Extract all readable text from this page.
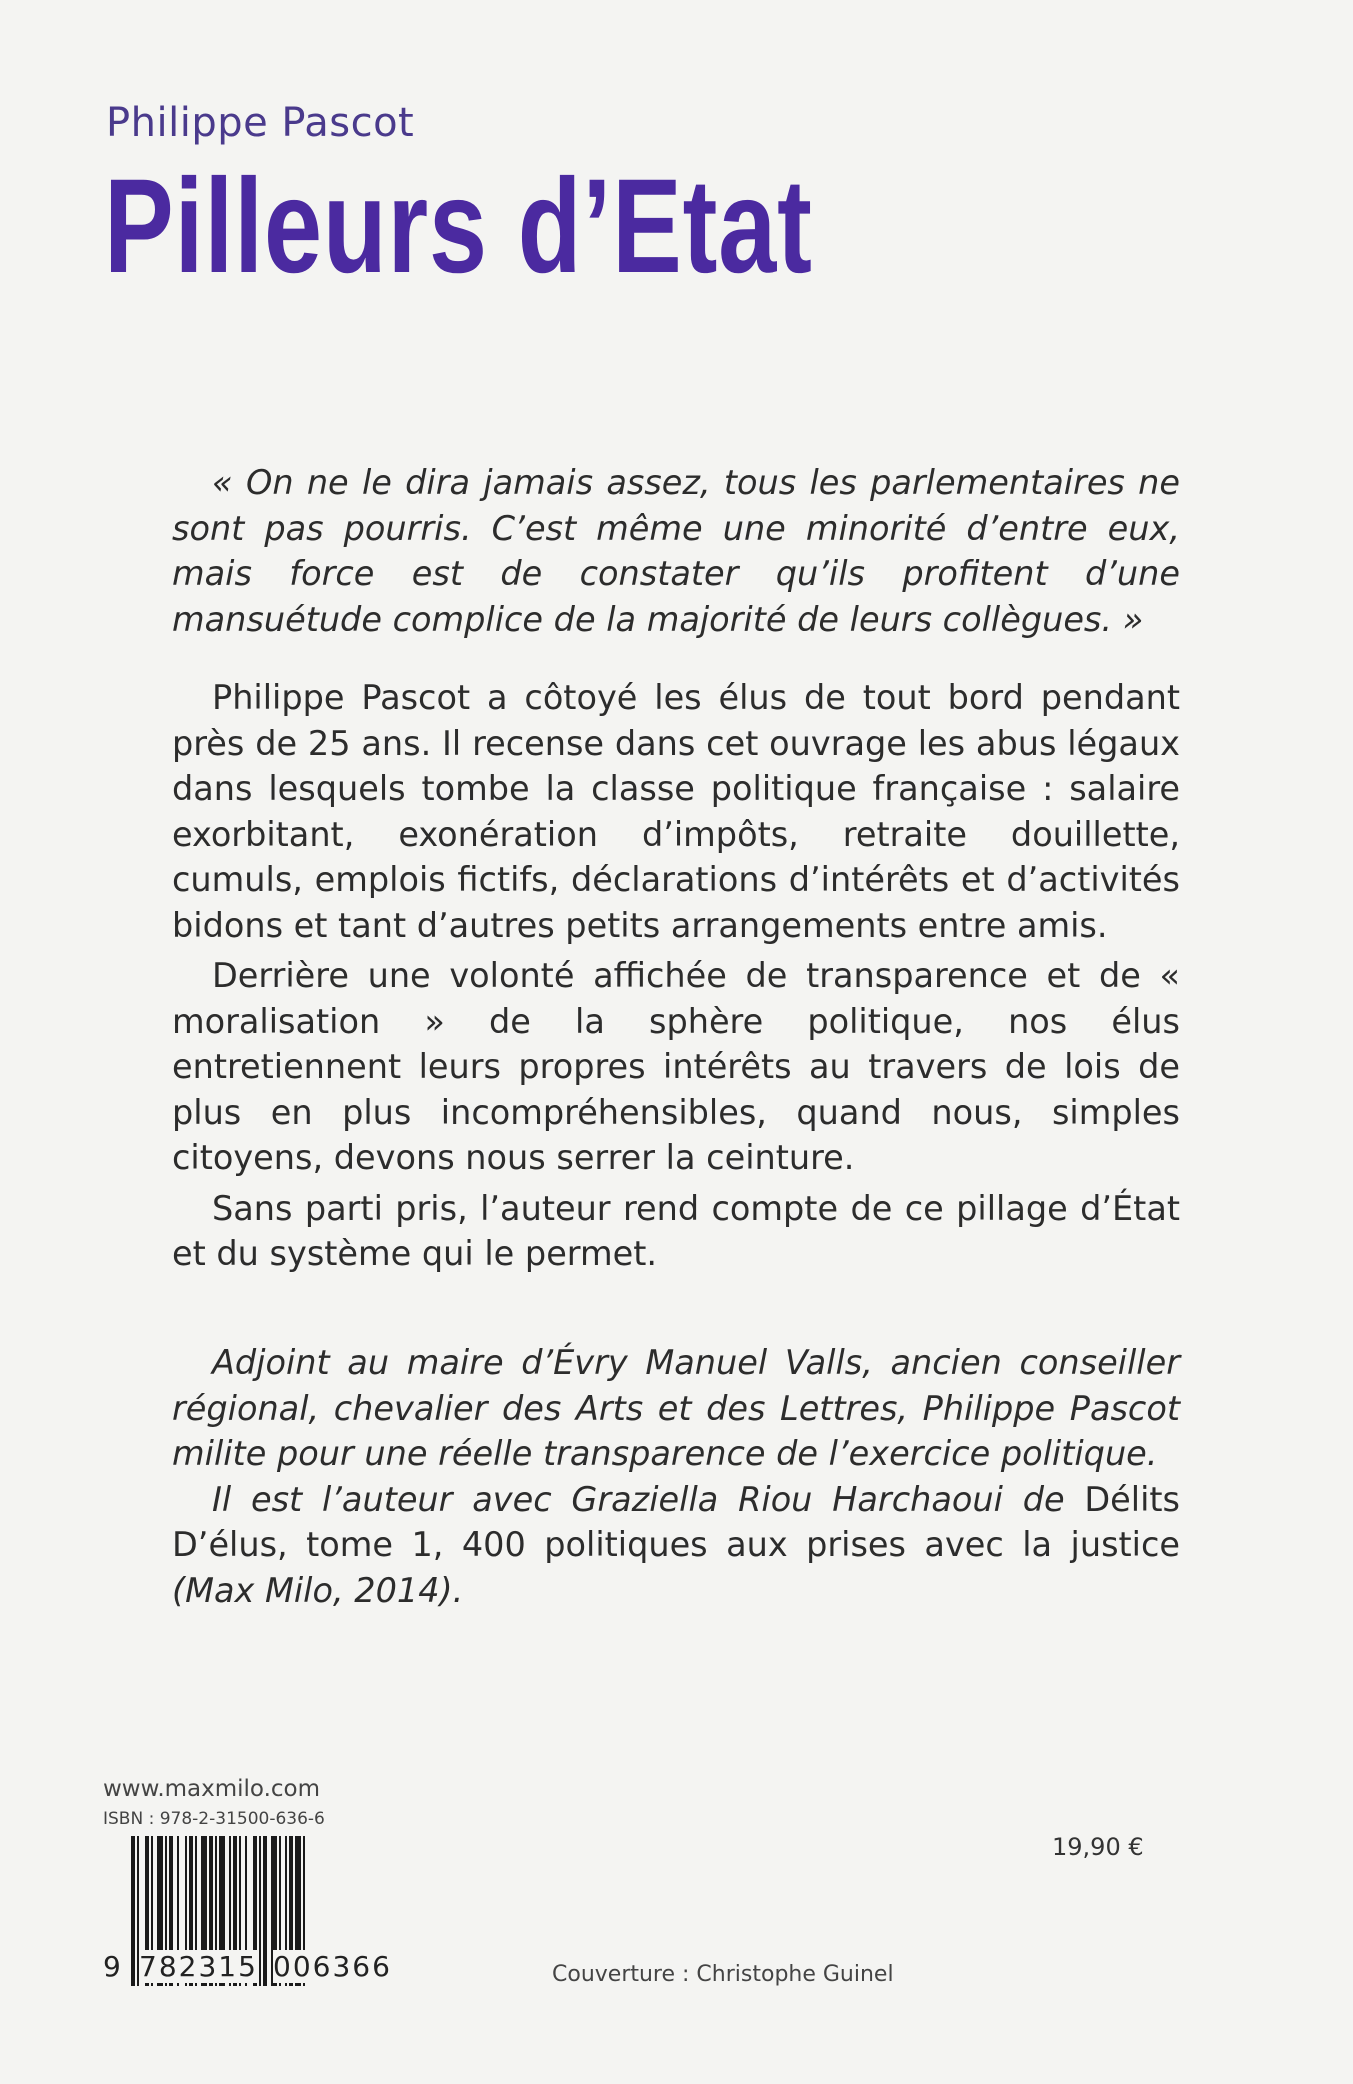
Philippe Pascot
Pilleurs d’Etat

« On ne le dira jamais assez, tous les parlementaires ne sont pas pourris. C’est même une minorité d’entre eux, mais force est de constater qu’ils profitent d’une mansuétude complice de la majorité de leurs collègues. »

Philippe Pascot a côtoyé les élus de tout bord pendant près de 25 ans. Il recense dans cet ouvrage les abus légaux dans lesquels tombe la classe politique française : salaire exorbitant, exonération d’impôts, retraite douillette, cumuls, emplois fictifs, déclarations d’intérêts et d’activités bidons et tant d’autres petits arrangements entre amis.

Derrière une volonté affichée de transparence et de « moralisation » de la sphère politique, nos élus entretiennent leurs propres intérêts au travers de lois de plus en plus incompréhensibles, quand nous, simples citoyens, devons nous serrer la ceinture.

Sans parti pris, l’auteur rend compte de ce pillage d’État et du système qui le permet.

Adjoint au maire d’Évry Manuel Valls, ancien conseiller régional, chevalier des Arts et des Lettres, Philippe Pascot milite pour une réelle transparence de l’exercice politique.

Il est l’auteur avec Graziella Riou Harchaoui de Délits D’élus, tome 1, 400 politiques aux prises avec la justice (Max Milo, 2014).

www.maxmilo.com
ISBN : 978-2-31500-636-6
19,90 €
9 782315 006366	Couverture : Christophe Guinel
